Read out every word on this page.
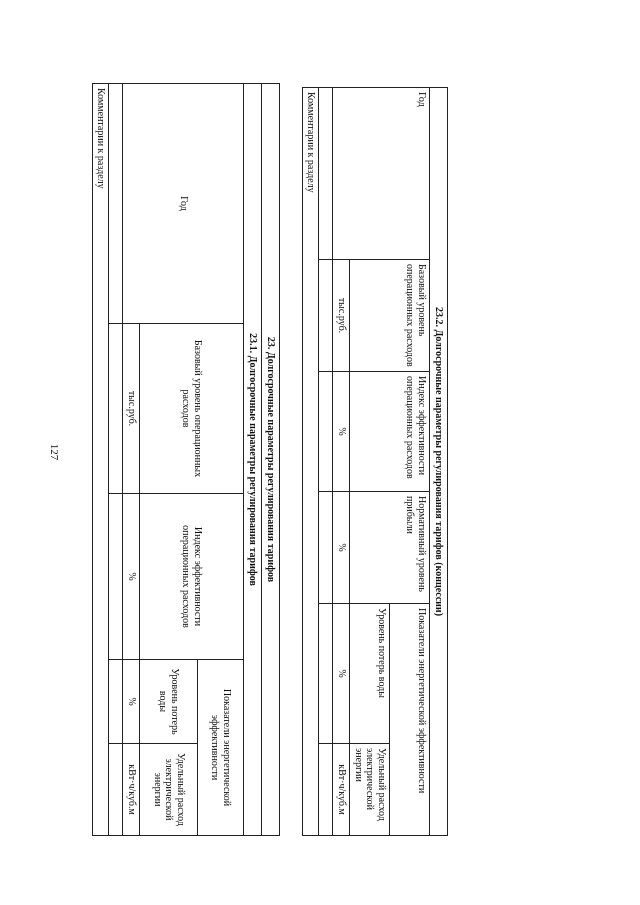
127	23. Долгосрочные параметры регулирования тарифов				
23.1. Долгосрочные параметры регулирования тарифов				
Год	Базовый уровень операционных расходов	Индекс эффективности операционных расходов	Показатели энергетической эффективности	
			Уровень потерь воды	Удельный расход электрической энергии
	тыс.руб.	%	%	кВт·ч/куб.м

Комментарии к разделу				
23.2. Долгосрочные параметры регулирования тарифов (концессии)					
Год	Базовый уровень операционных расходов	Индекс эффективности операционных расходов	Нормативный уровень прибыли	Показатели энергетической эффективности	
				Уровень потерь воды	Удельный расход электрической энергии
	тыс.руб.	%	%	%	кВт·ч/куб.м

Комментарии к разделу					
